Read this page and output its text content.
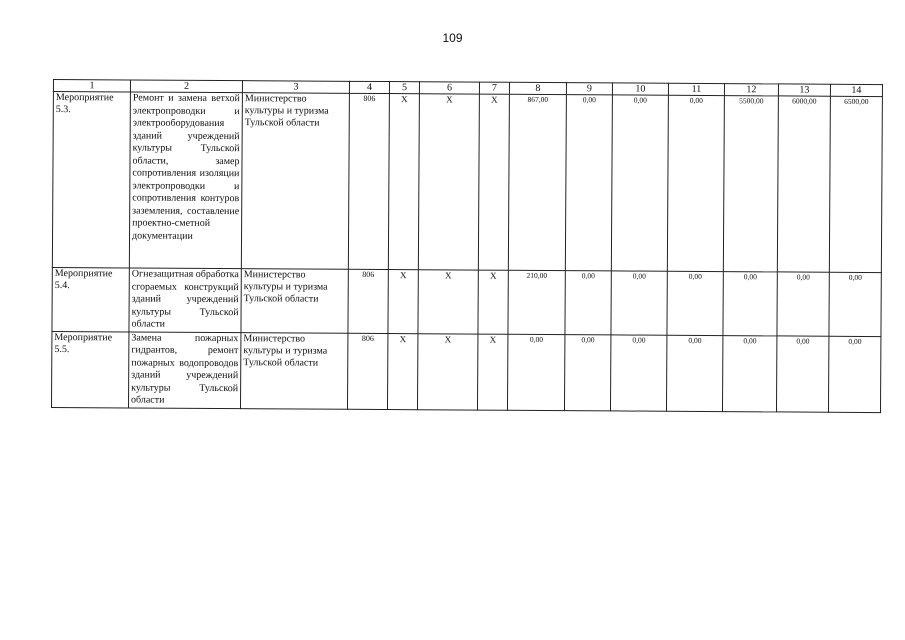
109
1	2	3	4	5	6	7	8	9	10	11	12	13	14
Мероприятие 5.3.	Ремонт и замена ветхой электропроводки и электрооборудования зданий учреждений культуры Тульской области, замер сопротивления изоляции электропроводки и сопротивления контуров заземления, составление проектно-сметной документации	Министерство культуры и туризма Тульской области	806	Х	Х	Х	867,00	0,00	0,00	0,00	5500,00	6000,00	6500,00
Мероприятие 5.4.	Огнезащитная обработка сгораемых конструкций зданий учреждений культуры Тульской области	Министерство культуры и туризма Тульской области	806	Х	Х	Х	210,00	0,00	0,00	0,00	0,00	0,00	0,00
Мероприятие 5.5.	Замена пожарных гидрантов, ремонт пожарных водопроводов зданий учреждений культуры Тульской области	Министерство культуры и туризма Тульской области	806	Х	Х	Х	0,00	0,00	0,00	0,00	0,00	0,00	0,00
